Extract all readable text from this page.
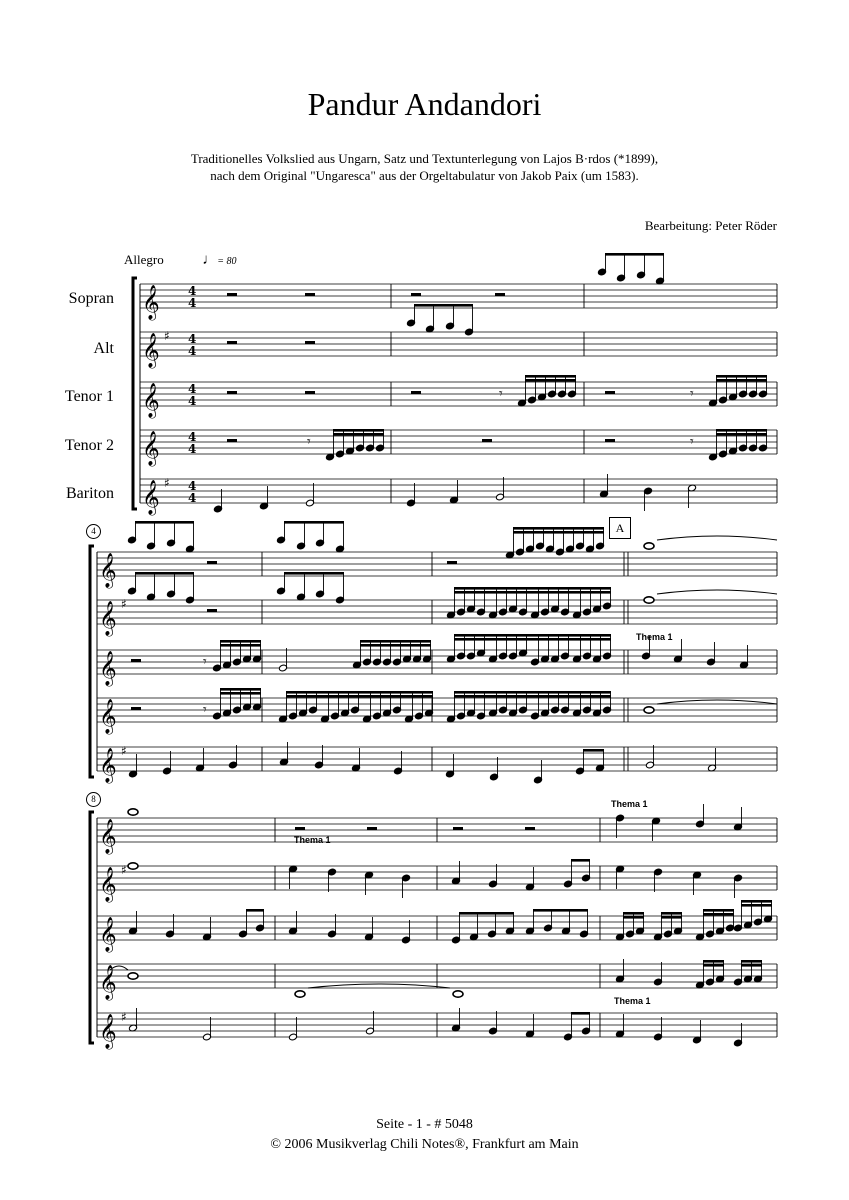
Pandur Andandori
Traditionelles Volkslied aus Ungarn, Satz und Textunterlegung von Lajos B·rdos (*1899),
nach dem Original "Ungaresca" aus der Orgeltabulatur von Jakob Paix (um 1583).
Bearbeitung: Peter Röder
Allegro	♩= 80
Sopran
Alt
Tenor 1
Tenor 2
Bariton
4
8
A
Thema 1
Thema 1
Thema 1
Thema 1
Seite - 1 - # 5048
© 2006 Musikverlag Chili Notes®, Frankfurt am Main
𝄞 4
4
𝄞 ♯ 4
4
𝄞 4
4
𝄞 4
4
𝄞 ♯ 4
4
𝄞
𝄞 ♯
𝄞
𝄞
𝄞 ♯
𝄞
𝄞 ♯
𝄞
𝄞
𝄞 ♯
𝄾	𝄾
𝄾	𝄾
𝄾
𝄾
